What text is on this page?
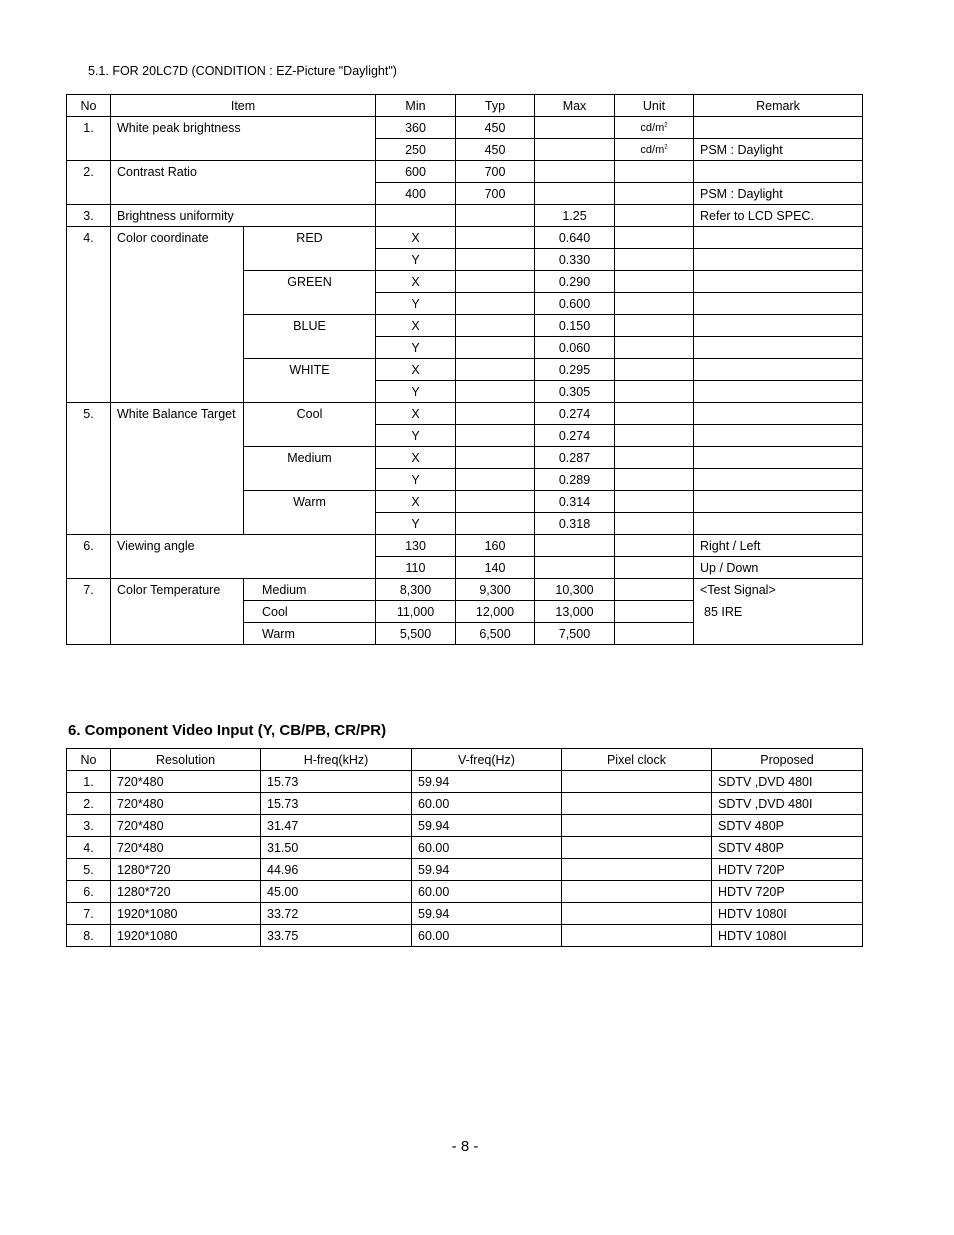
5.1. FOR 20LC7D (CONDITION : EZ-Picture "Daylight")
No	Item		Min	Typ	Max	Unit	Remark	
1.	White peak brightness		360	450		$cd/m^2$	
			250	450		$cd/m^2$	PSM : Daylight	
2.	Contrast Ratio		600	700				
			400	700			PSM : Daylight	
3.	Brightness uniformity				1.25		Refer to LCD SPEC.	
4.	Color coordinate	RED	X		0.640			
			Y		0.330			
		GREEN	X		0.290			
			Y		0.600			
		BLUE	X		0.150			
			Y		0.060			
		WHITE	X		0.295			
			Y		0.305			
5.	White Balance Target	Cool	X		0.274			
			Y		0.274			
		Medium	X		0.287			
			Y		0.289			
		Warm	X		0.314			
			Y		0.318			
6.	Viewing angle		130	160			Right / Left	
			110	140			Up / Down	
7.	Color Temperature	Medium	8,300	9,300	10,300		<Test Signal>
85 IRE	

		Cool	11,000	12,000	13,000			
		Warm	5,500	6,500	7,500			
6. Component Video Input (Y, CB/PB, CR/PR)
No	Resolution	H-freq(kHz)	V-freq(Hz)	Pixel clock	Proposed
1.	720*480	15.73	59.94		SDTV ,DVD 480I
2.	720*480	15.73	60.00		SDTV ,DVD 480I
3.	720*480	31.47	59.94		SDTV 480P
4.	720*480	31.50	60.00		SDTV 480P
5.	1280*720	44.96	59.94		HDTV 720P
6.	1280*720	45.00	60.00		HDTV 720P
7.	1920*1080	33.72	59.94		HDTV 1080I
8.	1920*1080	33.75	60.00		HDTV 1080I
- 8 -
